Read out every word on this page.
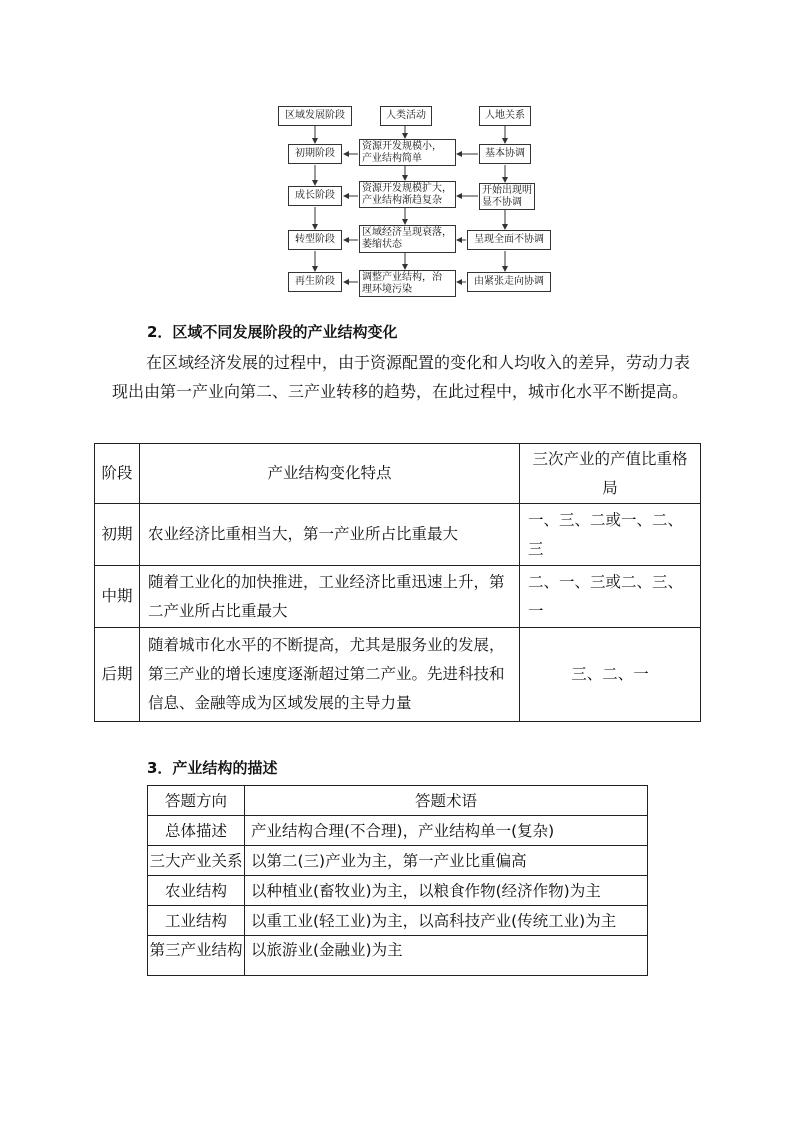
区域发展阶段	人类活动	人地关系
初期阶段
成长阶段
转型阶段
再生阶段
资源开发规模小，
产业结构简单
资源开发规模扩大，
产业结构渐趋复杂
区域经济呈现衰落，
萎缩状态
调整产业结构，治
理环境污染
基本协调
开始出现明
显不协调
呈现全面不协调
由紧张走向协调
2．区域不同发展阶段的产业结构变化
在区域经济发展的过程中，由于资源配置的变化和人均收入的差异，劳动力表现出由第一产业向第二、三产业转移的趋势，在此过程中，城市化水平不断提高。
阶段	产业结构变化特点	三次产业的产值比重格局
初期	农业经济比重相当大，第一产业所占比重最大	一、三、二或一、二、三
中期	随着工业化的加快推进，工业经济比重迅速上升，第二产业所占比重最大	二、一、三或二、三、一
后期	随着城市化水平的不断提高，尤其是服务业的发展，第三产业的增长速度逐渐超过第二产业。先进科技和信息、金融等成为区域发展的主导力量	三、二、一
3．产业结构的描述
答题方向	答题术语
总体描述	产业结构合理(不合理)，产业结构单一(复杂)
三大产业关系	以第二(三)产业为主，第一产业比重偏高
农业结构	以种植业(畜牧业)为主，以粮食作物(经济作物)为主
工业结构	以重工业(轻工业)为主，以高科技产业(传统工业)为主
第三产业结构	以旅游业(金融业)为主
